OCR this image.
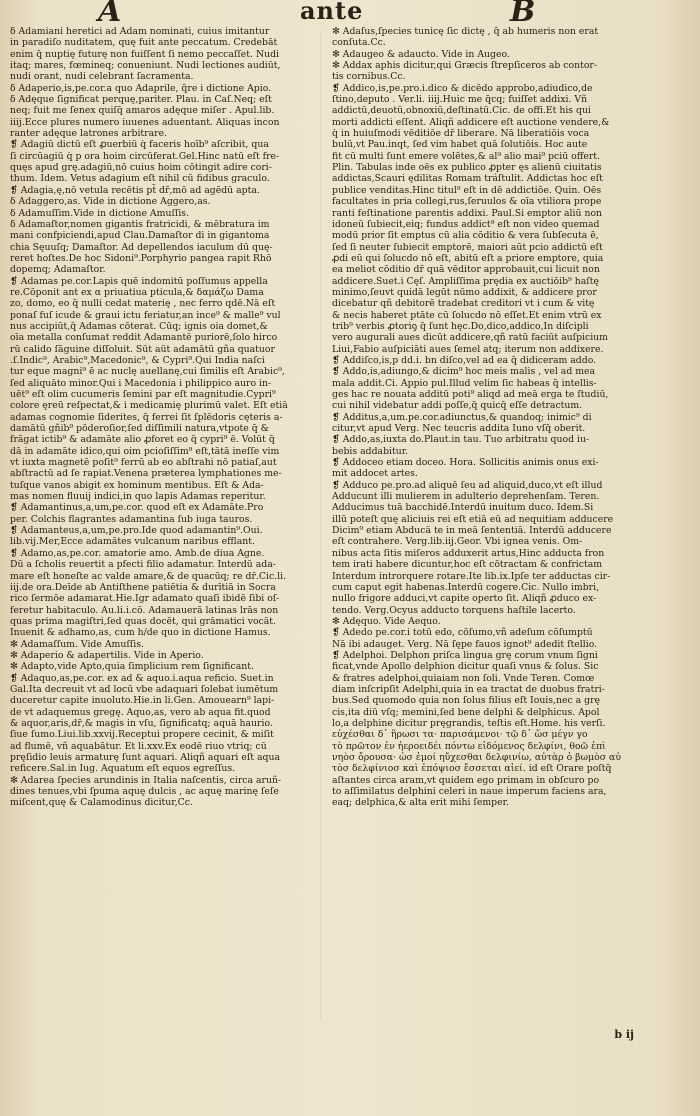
A	ante	B

ẟ Adamiani heretici ad Adam nominati, cuius imitantur
in paradiſo nuditatem, quę fuit ante peccatum. Credebāt
enim q̄ nuptię futurę non fuiſſent ſi nemo peccaſſet. Nudi
itaq; mares, fœmineq; conueniunt. Nudi lectiones audiūt,
nudi orant, nudi celebrant ſacramenta.
ẟ Adaperio,is,pe.cor.a quo Adaprile, q̄re i dictione Apio.
ẟ Adęque ſignificat perquę,pariter. Plau. in Caſ.Neq; eſt
neq; fuit me ſenex quiſq̄ amaros adęque miſer . Apul.lib.
iiij.Ecce plures numero iuuenes aduentant. Aliquas incon
ranter adęque latrones arbitrare.
❡ Adagiū dictū eſt ꝓuerbiū q̇ faceris hoīb⁹ aſcribit, qua
ſi circūagiū q̇ p ora hoim circūferat.Gel.Hinc natū eſt fre-
quęs apud grę.adagiū,nō cuius hoim cōtingit adire cori-
thum. Idem. Vetus adagium eſt nihil cū fidibus graculo.
❡ Adagia,ę,nō vetula recētis pt̄ dr̄,mō ad agēdū apta.
ẟ Adaggero,as. Vide in dictione Aggero,as.
ẟ Adamuſſim.Vide in dictione Amuſſis.
ẟ Adamaſtor,nomen gigantis fratricidi, & mēbratura im
mani confpiciendi,apud Clau.Damaſtor di in gigantoma
chia Sęuuſq; Damaſtor. Ad depellendos iaculum dū quę-
reret hoſtes.De hoc Sidoni⁹.Porphyrio pangea rapit Rhō
dopemq; Adamaſtor.
❡ Adamas pe.cor.Lapis quē indomitū poſſumus appella
re.Cōponit ant ex α priuatiua pticula,& δαμάζω Dama
zo, domo, eo q̄ nulli cedat materię , nec ferro qdē.Nā eſt
ponaſ fuſ icude & graui ictu feriatur,an ince⁹ & malle⁹ vul
nus accipiūt,q̄ Adamas cōterat. Cūq; ignis oia domet,&
oīa metalla conſumat reddit Adamantē puriorē,ſolo hirco
rū calido ſāguine diſſoluit. Sūt aūt adamātū gña quatuor
.ſ.Indic⁹, Arabic⁹,Macedonic⁹, & Cypri⁹.Qui India naſci
tur eque magni⁹ ē ac nuclę auellanę,cui ſimilis eſt Arabic⁹,
ſed aliquāto minor.Qui i Macedonia i philippico auro in-
uēt⁹ eſt olim cucumeris ſemini par eſt magnitudie.Cypri⁹
colore ęreū reſpectat,& i medicamię plurimū valet. Eſt etiā
adamas cognomie ſiderites, q̄ ferrei ſit ſplēdoris cęteris a-
damātū gñib⁹ pōderoſior,ſed diſſimili natura,vtpote q̄ &
frāgat ictib⁹ & adamāte alio ꝓforet eo q̄ cypri⁹ ē. Volūt q̄
dā in adamāte idico,qui oim pcioſiſſim⁹ eſt,tātā ineſſe vim
vt iuxta magnetē poſit⁹ ferrū ab eo abſtrahi nō patiaſ,aut
abſtractū ad ſe rapiat.Venena præterea lymphationes me-
tuſque vanos abigit ex hominum mentibus. Eſt & Ada-
mas nomen fluuij indici,in quo lapis Adamas reperitur.
❡ Adamantinus,a,um,pe.cor. quod eſt ex Adamāte.Pro
per. Colchis flagrantes adamantina ſub iuga tauros.
❡ Adamanteus,a,um,pe.pro.Ide quod adamantin⁹.Oui.
lib.vij.Mer,Ecce adamātes vulcanum naribus efflant.
❡ Adamo,as,pe.cor. amatorie amo. Amb.de diua Agne.
Dū a ſcholis reuertit a pfecti filio adamatur. Interdū ada-
mare eſt honeſte ac valde amare,& de quacūq; re dr̄.Cic.li.
iij.de ora.Deīde ab Antiſthene patiētia & durītiā in Socra
rico ſermōe adamarat.Hie.Igr adamato quaſi ibidē ſibi oſ-
feretur habitaculo. Au.li.i.cō. Adamauerā latinas lrās non
quas prima magiſtri,ſed quas docēt, qui grāmatici vocāt.
Inuenit & adhamo,as, cum h/de quo in dictione Hamus.
✻ Adamaſſum. Vide Amuſſis.
✻ Adaperio & adapertilis. Vide in Aperio.
✻ Adapto,vide Apto,quia ſimplicium rem ſignificant.
❡ Adaquo,as,pe.cor. ex ad & aquo.i.aqua reficio. Suet.in
Gal.Ita decreuit vt ad locū vbe adaquari ſolebat iumētum
duceretur capite inuoluto.Hie.in li.Gen. Amouearn⁹ lapi-
de vt adaquemus gregę. Aquo,as, vero ab aqua fit.quod
& aquor,aris,dr̄,& magis in vſu, ſignificatq; aquā haurio.
ſiue ſumo.Liui.lib.xxvij.Receptui propere cecinit, & miſit
ad flumē, vñ aquabātur. Et li.xxv.Ex eodē riuo vtriq; cū
pręſidio leuis armaturę ſunt aquari. Aliqñ aquari eſt aqua
reficere.Sal.in Iug. Aquatum eſt equos egreſſus.
✻ Adarea ſpecies arundinis in Italia naſcentis, circa aruñ-
dines tenues,vbi ſpuma aquę dulcis , ac aquę marinę ſeſe
miſcent,quę & Calamodinus dicitur,Cc.

✻ Adaſus,ſpecies tunicę ſic dictę , q̄ ab humeris non erat
conſuta.Cc.
✻ Adaugeo & adaucto. Vide in Augeo.
✻ Addax aphis dicitur,qui Græcis ſtrepſiceros ab contor-
tis cornibus.Cc.
❡ Addico,is,pe.pro.i.dico & dicēdo approbo,adiudico,de
ſtino,deputo . Ver.li. iiij.Huic me q̄cq; fuiſſet addixi. Vñ
addictū,deuotū,obnoxiū,deſtinatū.Cic. de offi.Et his qui
morti addicti eſſent. Aliqñ addicere eſt auctione vendere,&
q̇ in huiuſmodi vēditiōe dr̄ liberare. Nā liberatiōis voca
bulū,vt Pau.inqt, ſed vim habet quā ſolutiōis. Hoc aute
fit cū multi ſunt emere volētes,& al⁹ alio mai⁹ pciū offert.
Plin. Tabulas inde oēs ex publico ꝓpter ęs alienū ciuitatis
addictas,Scauri ędilitas Romam tráſtulit. Addictas hoc eſt
publice venditas.Hinc titul⁹ eſt in dē addictiōe. Quin. Oēs
facultates in pria collegi,rus,ſeruulos & oīa vtiliora prope
ranti feſtinatione parentis addixi. Paul.Si emptor aliū non
idoneū ſubiecit,eiq; fundus addict⁹ eſt non video quemad
modū prior ſit emptus cū alia cōditio & vera ſubſecuta ē,
ſed ſi neuter ſubiecit emptorē, maiori aūt pcio addictū eſt
ꝓdi eū qui ſolucdo nō eſt, abitū eſt a priore emptore, quia
ea meliot cōditio dr̄ quā vēditor approbauit,cui licuit non
addicere.Suet.i Cęſ. Ampliſſima prędia ex auctiōib⁹ haſtę
minimo,ſeuvt quidā legūt nūmo addixit, & addicere pror
dicebatur qñ debitorē tradebat creditori vt i cum & vitę
& necis haberet ptāte cū ſolucdo nō eſſet.Et enim vtrū ex
trib⁹ verbis ꝓtoriꝯ q̄ ſunt hęc.Do,dico,addico,In diſcipli
vero augurali aues dicūt addicere,qñ ratū faciūt auſpicium
Liui,Fabio auſpiciāti aues ſemel atq; iterum non addixere.
❡ Addiſco,is,p dd.i. bn diſco,vel ad ea q̄ didiceram addo.
❡ Addo,is,adiungo,& dicim⁹ hoc meis malis , vel ad mea
mala addit.Ci. Appio pul.Illud velim ſic habeas q̄ intellis-
ges hac re nouata additū poti⁹ aliqd ad meā erga te ſtudiū,
cui nihil videbatur addi poſſe,q̄ quicq̄ eſſe detractum.
❡ Additus,a,um.pe.cor.adiunctus,& quandoq; inimic⁹ di
citur,vt apud Verg. Nec teucris addita Iuno vſq̄ oberit.
❡ Addo,as,iuxta do.Plaut.in tau. Tuo arbitratu quod iu-
bebis addabitur.
❡ Addoceo etiam doceo. Hora. Sollicitis animis onus exi-
mit addocet artes.
❡ Adduco pe.pro.ad aliquē ſeu ad aliquid,duco,vt eſt illud
Adducunt illi mulierem in adulterio deprehenſam. Teren.
Adducimus tuā bacchidē.Interdū inuitum duco. Idem.Si
illū poteſt quę aliciuis rei eſt etiā eū ad nequitiam adducere
Dicim⁹ etiam Abducā te in meā ſententiā. Interdū adducere
eſt contrahere. Verg.lib.iij.Geor. Vbi ignea venis. Om-
nibus acta ſitis miſeros adduxerit artus,Hinc adducta fron
tem irati habere dicuntur,hoc eſt cōtractam & confrictam
Interdum introrquere rotare.Ite lib.ix.Ipſe ter adductas cir-
cum caput egit habenas.Interdū cogere.Cic. Nullo imbri,
nullo frigore adduci,vt capite operto ſit. Aliqñ ꝓduco ex-
tendo. Verg.Ocyus adducto torquens haſtile lacerto.
✻ Adęquo. Vide Aequo.
❡ Adedo pe.cor.i totū edo, cōſumo,vñ adeſum cōſumptū
Nā ibi adauget. Verg. Nā ſępe fauos ignot⁹ adedit ſtellio.
❡ Adelphoi. Delphon priſca lingua grę corum vnum ſigni
ficat,vnde Apollo delphion dicitur quaſi vnus & ſolus. Sic
& fratres adelphoi,quiaiam non ſoli. Vnde Teren. Comœ
diam inſcripſit Adelphi,quia in ea tractat de duobus fratri-
bus.Sed quomodo quia non ſolus filius eſt Iouis,nec a grę
cis,ita diū vſq; memini,ſed bene delphi & delphicus. Apol
lo,a delphine dicitur pręgrandis, teſtis eſt.Home. his verſi.
εὐχέσθαι δ᾽ ἥρωσι τα· παρισάμενοι· τῷ δ᾽ ὥσ μέγν γο
τὸ πρῶτον ἐν ἠεροειδέι πόντω εἰδόμενος δελφίνι, θοῶ ἐπὶ
νηὸσ ὄρουσα· ὡσ ἐμοί ηὔχεσθαι δελφινίω, αὐτὰρ ὁ βωμὸσ αὐ
τὸσ δελφίνιοσ καὶ ἐπόψιοσ ἔσσεται αἰεί. id eſt Orare poſtq̄
aſtantes circa aram,vt quidem ego primam in obſcuro po
to aſſimilatus delphini celeri in naue imperum faciens ara,
eaq; delphica,& alta erit mihi ſemper.

b ij
